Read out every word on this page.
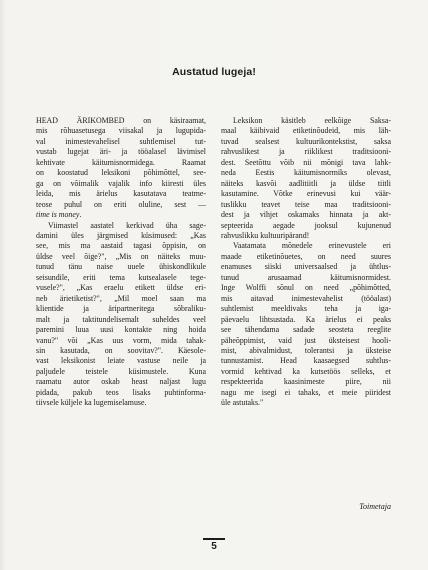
Austatud lugeja!

HEAD ÄRIKOMBED on käsiraamat,
mis rõhuasetusega viisakal ja lugupida-
val inimestevahelisel suhtlemisel tut-
vustab lugejat äri- ja tööalasel lävimisel
kehtivate käitumisnormidega. Raamat
on koostatud leksikoni põhimõttel, see-
ga on võimalik vajalik info kiiresti üles
leida, mis ärielus kasutatava teatme-
teose puhul on eriti oluline, sest —
time is money.

Viimastel aastatel kerkivad üha sage-
damini üles järgmised küsimused: „Kas
see, mis ma aastaid tagasi õppisin, on
üldse veel õige?", „Mis on näiteks muu-
tunud tänu naise uuele ühiskondlikule
seisundile, eriti tema kutsealasele tege-
vusele?", „Kas eraelu etikett üldse eri-
neb ärietiketist?", „Mil moel saan ma
klientide ja äripartneritega sõbraliku-
malt ja taktitundelisemalt suheldes veel
paremini luua uusi kontakte ning hoida
vanu?" või „Kas uus vorm, mida tahak-
sin kasutada, on soovitav?". Käesole-
vast leksikonist leiate vastuse neile ja
paljudele teistele küsimustele. Kuna
raamatu autor oskab heast naljast lugu
pidada, pakub teos lisaks puhtinforma-
tiivsele küljele ka lugemiselamuse.

Leksikon käsitleb eelkõige Saksa-
maal käibivaid etiketinõudeid, mis läh-
tuvad sealsest kultuurikontekstist, saksa
rahvuslikest ja riiklikest traditsiooni-
dest. Seetõttu võib nii mõnigi tava lahk-
neda Eestis käitumisnormiks olevast,
näiteks kasvõi aadlitiitli ja üldse tiitli
kasutamine. Võtke erinevusi kui väär-
tuslikku teavet teise maa traditsiooni-
dest ja vihjet oskamaks hinnata ja akt-
septeerida aegade jooksul kujunenud
rahvuslikku kultuuripärand!

Vaatamata mõnedele erinevustele eri
maade etiketinõuetes, on need suures
enamuses siiski universaalsed ja ühtlus-
tunud arusaamad käitumisnormidest.
Inge Wolffi sõnul on need „põhimõtted,
mis aitavad inimestevahelist (tööalast)
suhtlemist meeldivaks teha ja iga-
päevaelu lihtsustada. Ka ärielus ei peaks
see tähendama sadade seosteta reeglite
päheõppimist, vaid just üksteisest hooli-
mist, abivalmidust, tolerantsi ja üksteise
tunnustamist. Head kaasaegsed suhtlus-
vormid kehtivad ka kutsetöös selleks, et
respekteerida kaasinimeste piire, nii
nagu me isegi ei tahaks, et meie piiridest
üle astutaks."

Toimetaja
5
